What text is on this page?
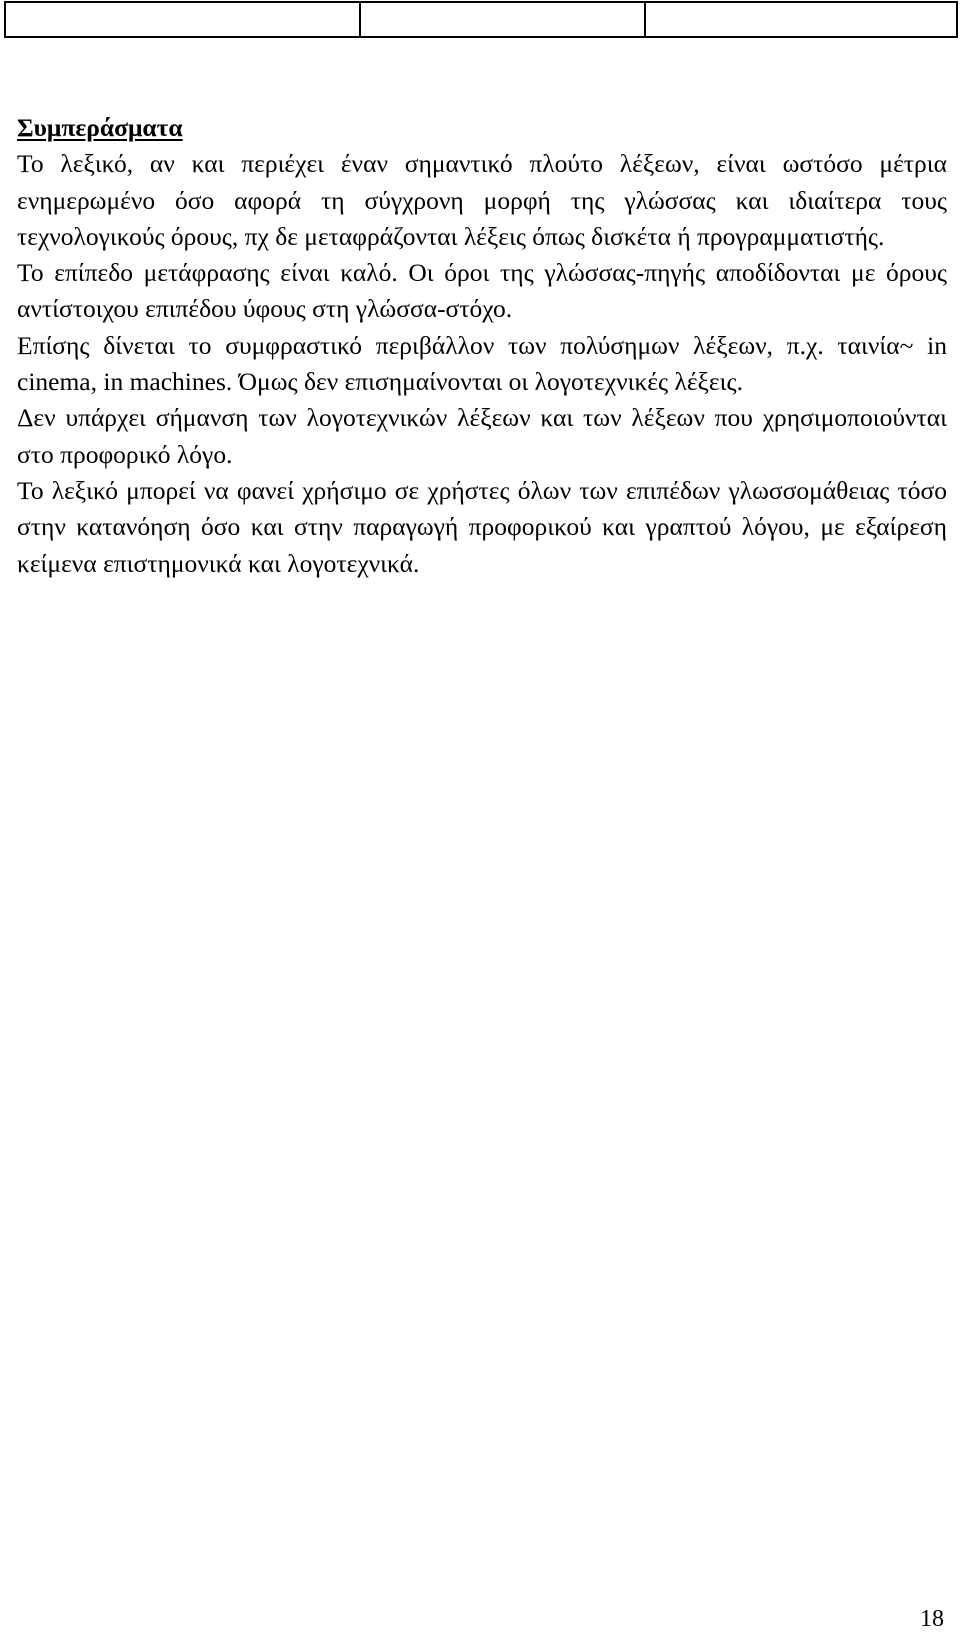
Συμπεράσματα

Το λεξικό, αν και περιέχει έναν σημαντικό πλούτο λέξεων, είναι ωστόσο μέτρια ενημερωμένο όσο αφορά τη σύγχρονη μορφή της γλώσσας και ιδιαίτερα τους τεχνολογικούς όρους, πχ δε μεταφράζονται λέξεις όπως δισκέτα ή προγραμματιστής.

Το επίπεδο μετάφρασης είναι καλό. Οι όροι της γλώσσας-πηγής αποδίδονται με όρους αντίστοιχου επιπέδου ύφους στη γλώσσα-στόχο.

Επίσης δίνεται το συμφραστικό περιβάλλον των πολύσημων λέξεων, π.χ. ταινία~ in cinema, in machines. Όμως δεν επισημαίνονται οι λογοτεχνικές λέξεις.

Δεν υπάρχει σήμανση των λογοτεχνικών λέξεων και των λέξεων που χρησιμοποιούνται στο προφορικό λόγο.

Το λεξικό μπορεί να φανεί χρήσιμο σε χρήστες όλων των επιπέδων γλωσσομάθειας τόσο στην κατανόηση όσο και στην παραγωγή προφορικού και γραπτού λόγου, με εξαίρεση κείμενα επιστημονικά και λογοτεχνικά.

18
